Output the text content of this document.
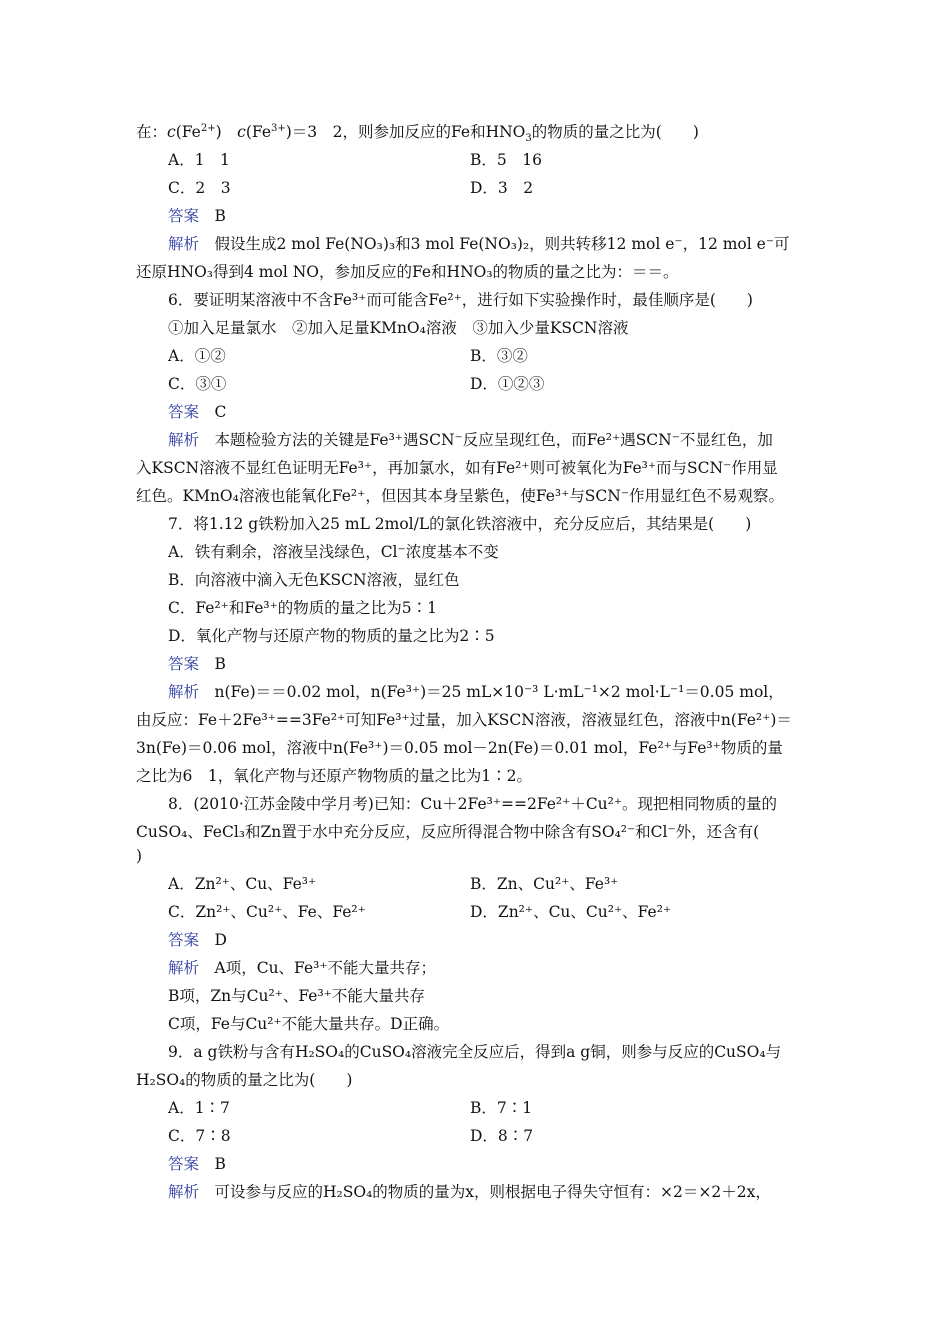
在：$c(Fe^{2+})$　 $c(Fe^{3+})=3$　2，则参加反应的Fe和$HNO_3$的物质的量之比为(　　)
A．1　1	B．5　16
C．2　3	D．3　2
答案　B
解析　假设生成2 mol Fe(NO₃)₃和3 mol Fe(NO₃)₂，则共转移12 mol e⁻，12 mol e⁻可
还原HNO₃得到4 mol NO，参加反应的Fe和HNO₃的物质的量之比为：＝＝。
6．要证明某溶液中不含Fe³⁺而可能含Fe²⁺，进行如下实验操作时，最佳顺序是(　　)
①加入足量氯水　②加入足量KMnO₄溶液　③加入少量KSCN溶液
A．①②	B．③②
C．③①	D．①②③
答案　C
解析　本题检验方法的关键是Fe³⁺遇SCN⁻反应呈现红色，而Fe²⁺遇SCN⁻不显红色，加
入KSCN溶液不显红色证明无Fe³⁺，再加氯水，如有Fe²⁺则可被氧化为Fe³⁺而与SCN⁻作用显
红色。KMnO₄溶液也能氧化Fe²⁺，但因其本身呈紫色，使Fe³⁺与SCN⁻作用显红色不易观察。
7．将1.12 g铁粉加入25 mL 2mol/L的氯化铁溶液中，充分反应后，其结果是(　　)
A．铁有剩余，溶液呈浅绿色，Cl⁻浓度基本不变
B．向溶液中滴入无色KSCN溶液，显红色
C．Fe²⁺和Fe³⁺的物质的量之比为5∶1
D．氧化产物与还原产物的物质的量之比为2∶5
答案　B
解析　n(Fe)＝＝0.02 mol，n(Fe³⁺)＝25 mL×10⁻³ L·mL⁻¹×2 mol·L⁻¹＝0.05 mol，
由反应：Fe＋2Fe³⁺==3Fe²⁺可知Fe³⁺过量，加入KSCN溶液，溶液显红色，溶液中n(Fe²⁺)＝
3n(Fe)＝0.06 mol，溶液中n(Fe³⁺)＝0.05 mol－2n(Fe)＝0.01 mol，Fe²⁺与Fe³⁺物质的量
之比为6　1，氧化产物与还原产物物质的量之比为1∶2。
8．(2010·江苏金陵中学月考)已知：Cu＋2Fe³⁺==2Fe²⁺＋Cu²⁺。现把相同物质的量的
CuSO₄、FeCl₃和Zn置于水中充分反应，反应所得混合物中除含有SO₄²⁻和Cl⁻外，还含有(
)
A．Zn²⁺、Cu、Fe³⁺	B．Zn、Cu²⁺、Fe³⁺
C．Zn²⁺、Cu²⁺、Fe、Fe²⁺	D．Zn²⁺、Cu、Cu²⁺、Fe²⁺
答案　D
解析　A项，Cu、Fe³⁺不能大量共存；
B项，Zn与Cu²⁺、Fe³⁺不能大量共存
C项，Fe与Cu²⁺不能大量共存。D正确。
9．a g铁粉与含有H₂SO₄的CuSO₄溶液完全反应后，得到a g铜，则参与反应的CuSO₄与
H₂SO₄的物质的量之比为(　　)
A．1∶7	B．7∶1
C．7∶8	D．8∶7
答案　B
解析　可设参与反应的H₂SO₄的物质的量为x，则根据电子得失守恒有：×2＝×2＋2x，
